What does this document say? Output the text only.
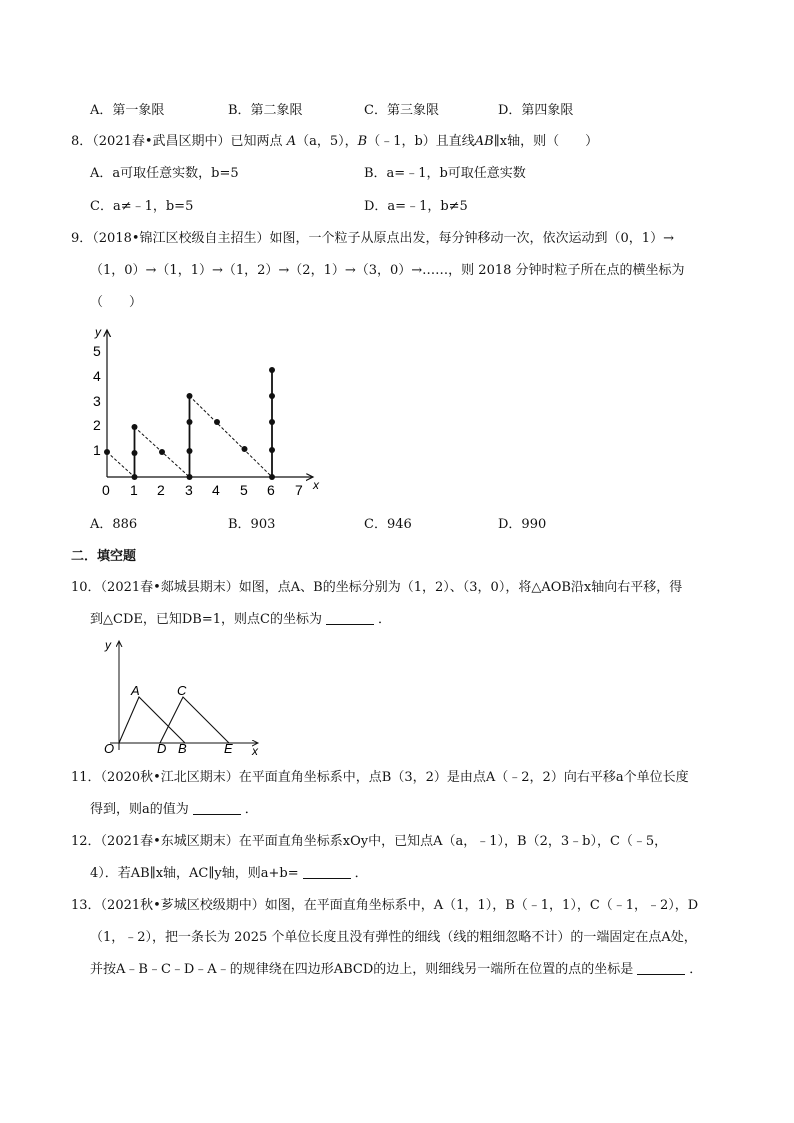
A．第一象限	B．第二象限	C．第三象限	D．第四象限
8．（2021春•武昌区期中）已知两点 A（a，5），B（﹣1，b）且直线AB∥x轴，则（　　）
A．a可取任意实数，b=5	B．a=﹣1，b可取任意实数
C．a≠﹣1，b=5	D．a=﹣1，b≠5
9．（2018•锦江区校级自主招生）如图，一个粒子从原点出发，每分钟移动一次，依次运动到（0，1）→
（1，0）→（1，1）→（1，2）→（2，1）→（3，0）→……，则 2018 分钟时粒子所在点的横坐标为
（　　）
y
x
1
2
3
4
5
0 1 2 3 4 5 6 7
A．886	B．903	C．946	D．990
二．填空题
10．（2021春•郯城县期末）如图，点A、B的坐标分别为（1，2）、（3，0），将△AOB沿x轴向右平移，得
到△CDE，已知DB=1，则点C的坐标为	．
y
x
A	C
O	D B	E
11．（2020秋•江北区期末）在平面直角坐标系中，点B（3，2）是由点A（﹣2，2）向右平移a个单位长度
得到，则a的值为	．
12．（2021春•东城区期末）在平面直角坐标系xOy中，已知点A（a，﹣1），B（2，3﹣b），C（﹣5，
4）．若AB∥x轴，AC∥y轴，则a+b=	．
13．（2021秋•芗城区校级期中）如图，在平面直角坐标系中，A（1，1），B（﹣1，1），C（﹣1，﹣2），D
（1，﹣2），把一条长为 2025 个单位长度且没有弹性的细线（线的粗细忽略不计）的一端固定在点A处，
并按A﹣B﹣C﹣D﹣A﹣的规律绕在四边形ABCD的边上，则细线另一端所在位置的点的坐标是	．
